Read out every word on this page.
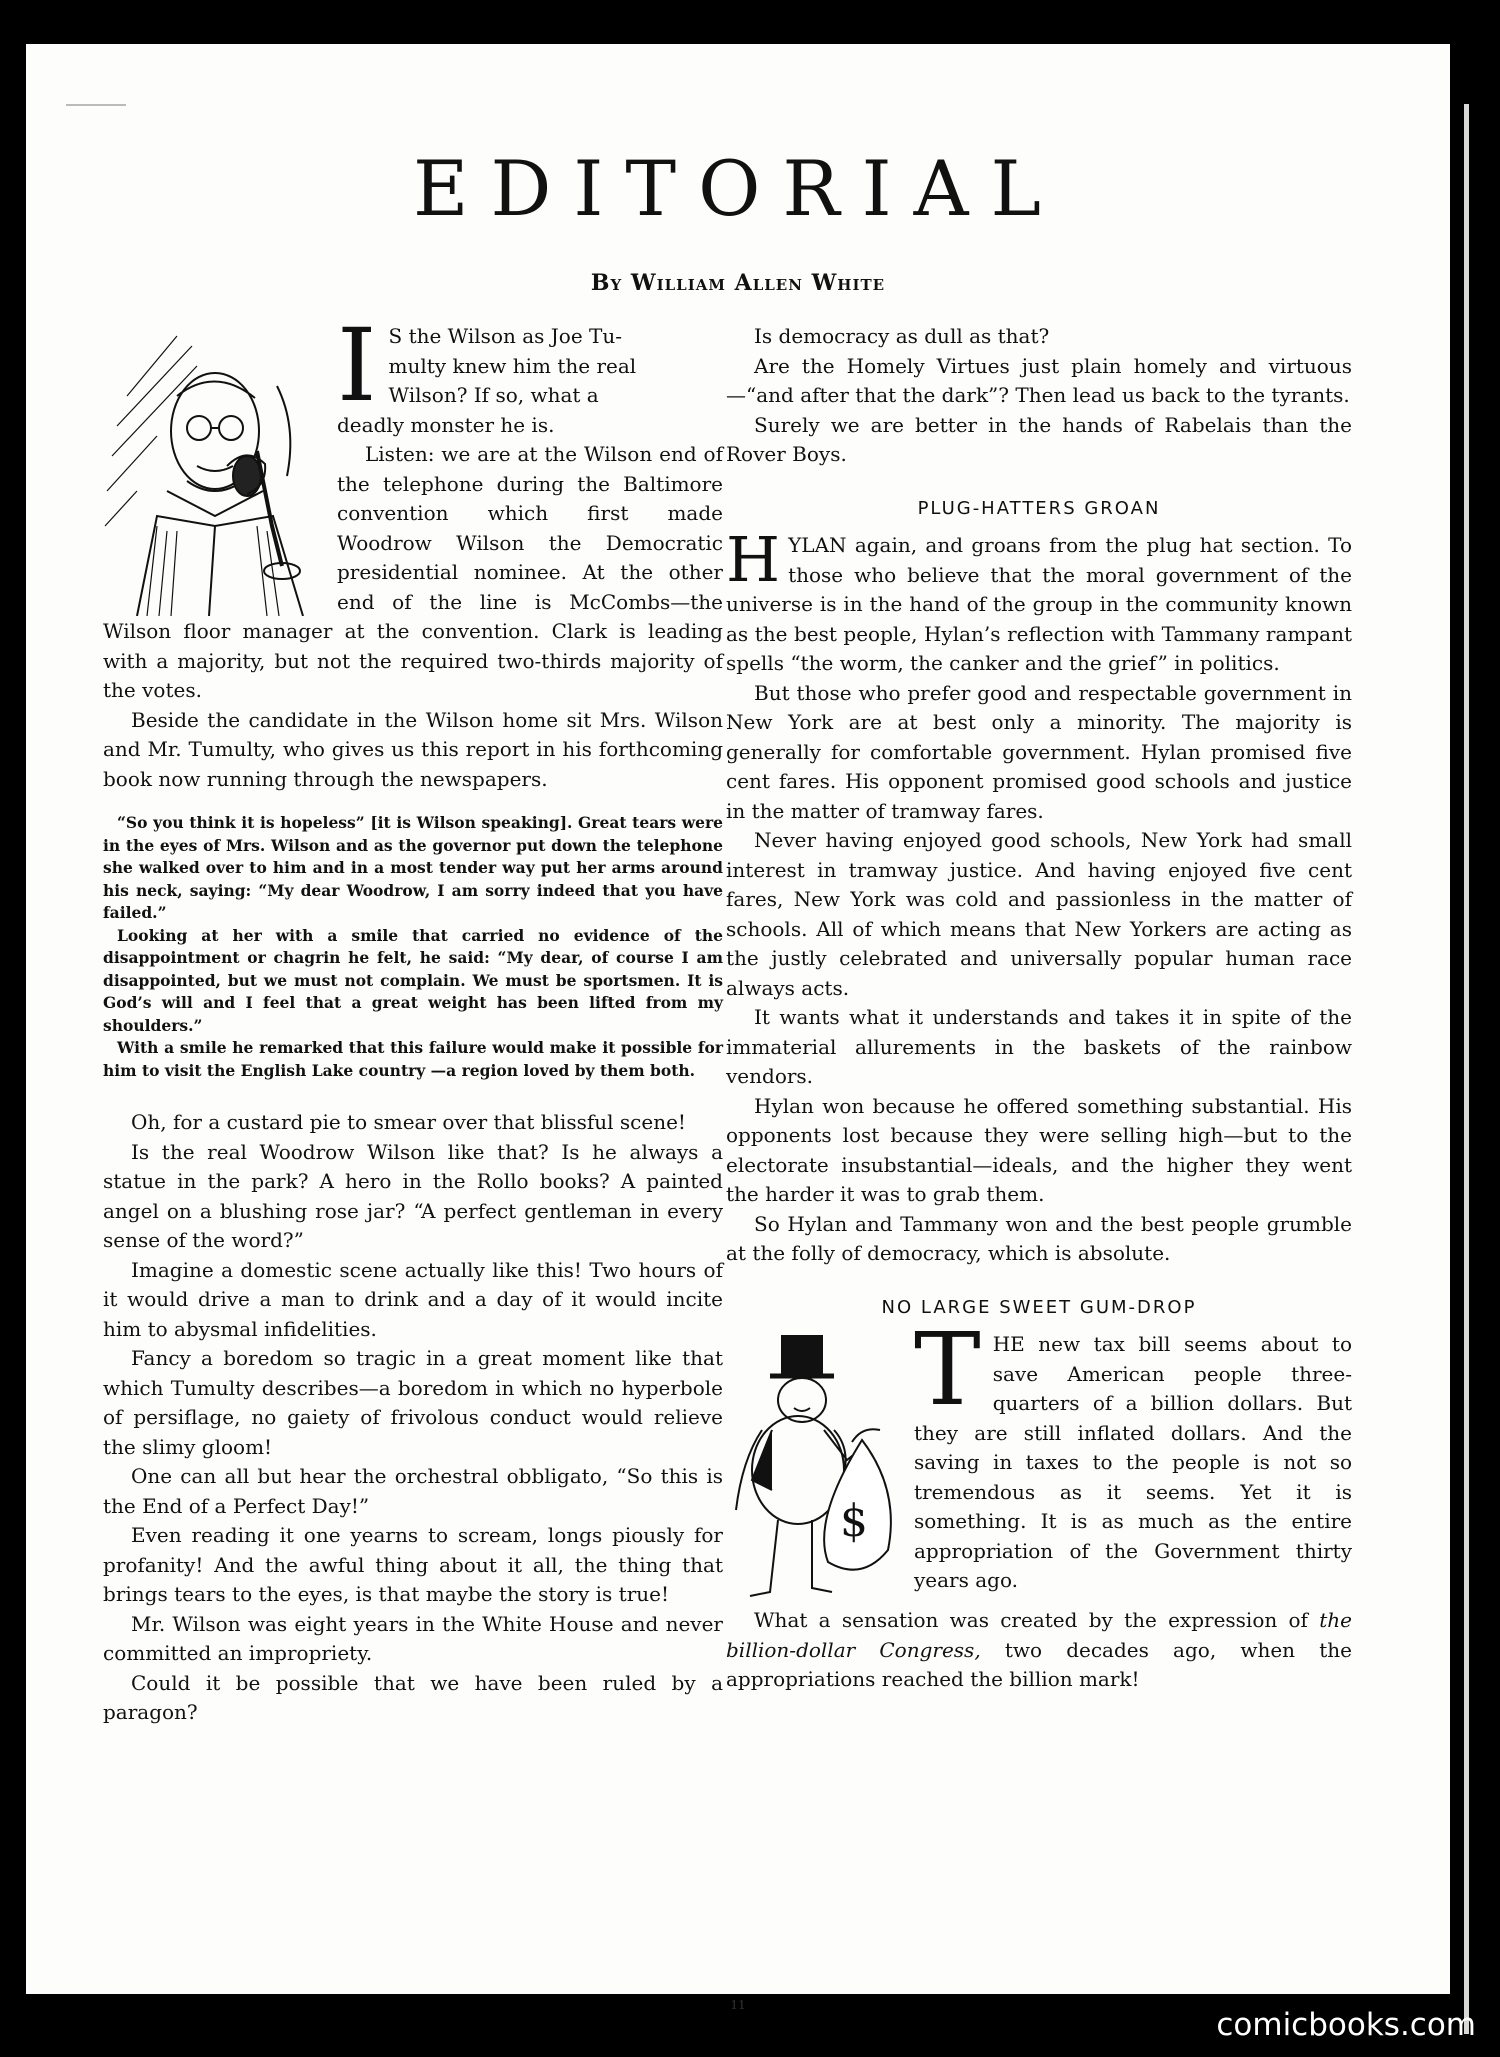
EDITORIAL
By William Allen White
I S the Wilson as Joe Tu-

multy knew him the real

Wilson? If so, what a

deadly monster he is.

Listen: we are at the Wilson end of the telephone during the Baltimore convention which first made Woodrow Wilson the Democratic presidential nominee. At the other end of the line is McCombs—the Wilson floor manager at the convention. Clark is leading with a majority, but not the required two-thirds majority of the votes.

Beside the candidate in the Wilson home sit Mrs. Wilson and Mr. Tumulty, who gives us this report in his forthcoming book now running through the newspapers.

“So you think it is hopeless” [it is Wilson speaking]. Great tears were in the eyes of Mrs. Wilson and as the governor put down the telephone she walked over to him and in a most tender way put her arms around his neck, saying: “My dear Woodrow, I am sorry indeed that you have failed.”

Looking at her with a smile that carried no evidence of the disappointment or chagrin he felt, he said: “My dear, of course I am disappointed, but we must not complain. We must be sportsmen. It is God’s will and I feel that a great weight has been lifted from my shoulders.”

With a smile he remarked that this failure would make it possible for him to visit the English Lake country —a region loved by them both.

Oh, for a custard pie to smear over that blissful scene!

Is the real Woodrow Wilson like that? Is he always a statue in the park? A hero in the Rollo books? A painted angel on a blushing rose jar? “A perfect gentleman in every sense of the word?”

Imagine a domestic scene actually like this! Two hours of it would drive a man to drink and a day of it would incite him to abysmal infidelities.

Fancy a boredom so tragic in a great moment like that which Tumulty describes—a boredom in which no hyperbole of persiflage, no gaiety of frivolous conduct would relieve the slimy gloom!

One can all but hear the orchestral obbligato, “So this is the End of a Perfect Day!”

Even reading it one yearns to scream, longs piously for profanity! And the awful thing about it all, the thing that brings tears to the eyes, is that maybe the story is true!

Mr. Wilson was eight years in the White House and never committed an impropriety.

Could it be possible that we have been ruled by a paragon?

Is democracy as dull as that?

Are the Homely Virtues just plain homely and virtuous—“and after that the dark”? Then lead us back to the tyrants.

Surely we are better in the hands of Rabelais than the Rover Boys.

PLUG-HATTERS GROAN

HYLAN again, and groans from the plug hat section. To those who believe that the moral government of the universe is in the hand of the group in the community known as the best people, Hylan’s reflection with Tammany rampant spells “the worm, the canker and the grief” in politics.

But those who prefer good and respectable government in New York are at best only a minority. The majority is generally for comfortable government. Hylan promised five cent fares. His opponent promised good schools and justice in the matter of tramway fares.

Never having enjoyed good schools, New York had small interest in tramway justice. And having enjoyed five cent fares, New York was cold and passionless in the matter of schools. All of which means that New Yorkers are acting as the justly celebrated and universally popular human race always acts.

It wants what it understands and takes it in spite of the immaterial allurements in the baskets of the rainbow vendors.

Hylan won because he offered something substantial. His opponents lost because they were selling high—but to the electorate insubstantial—ideals, and the higher they went the harder it was to grab them.

So Hylan and Tammany won and the best people grumble at the folly of democracy, which is absolute.

NO LARGE SWEET GUM-DROP
$

THE new tax bill seems about to save American people three-quarters of a billion dollars. But they are still inflated dollars. And the saving in taxes to the people is not so tremendous as it seems. Yet it is something. It is as much as the entire appropriation of the Government thirty years ago.

What a sensation was created by the expression of the billion-dollar Congress, two decades ago, when the appropriations reached the billion mark!

11
comicbooks.com
